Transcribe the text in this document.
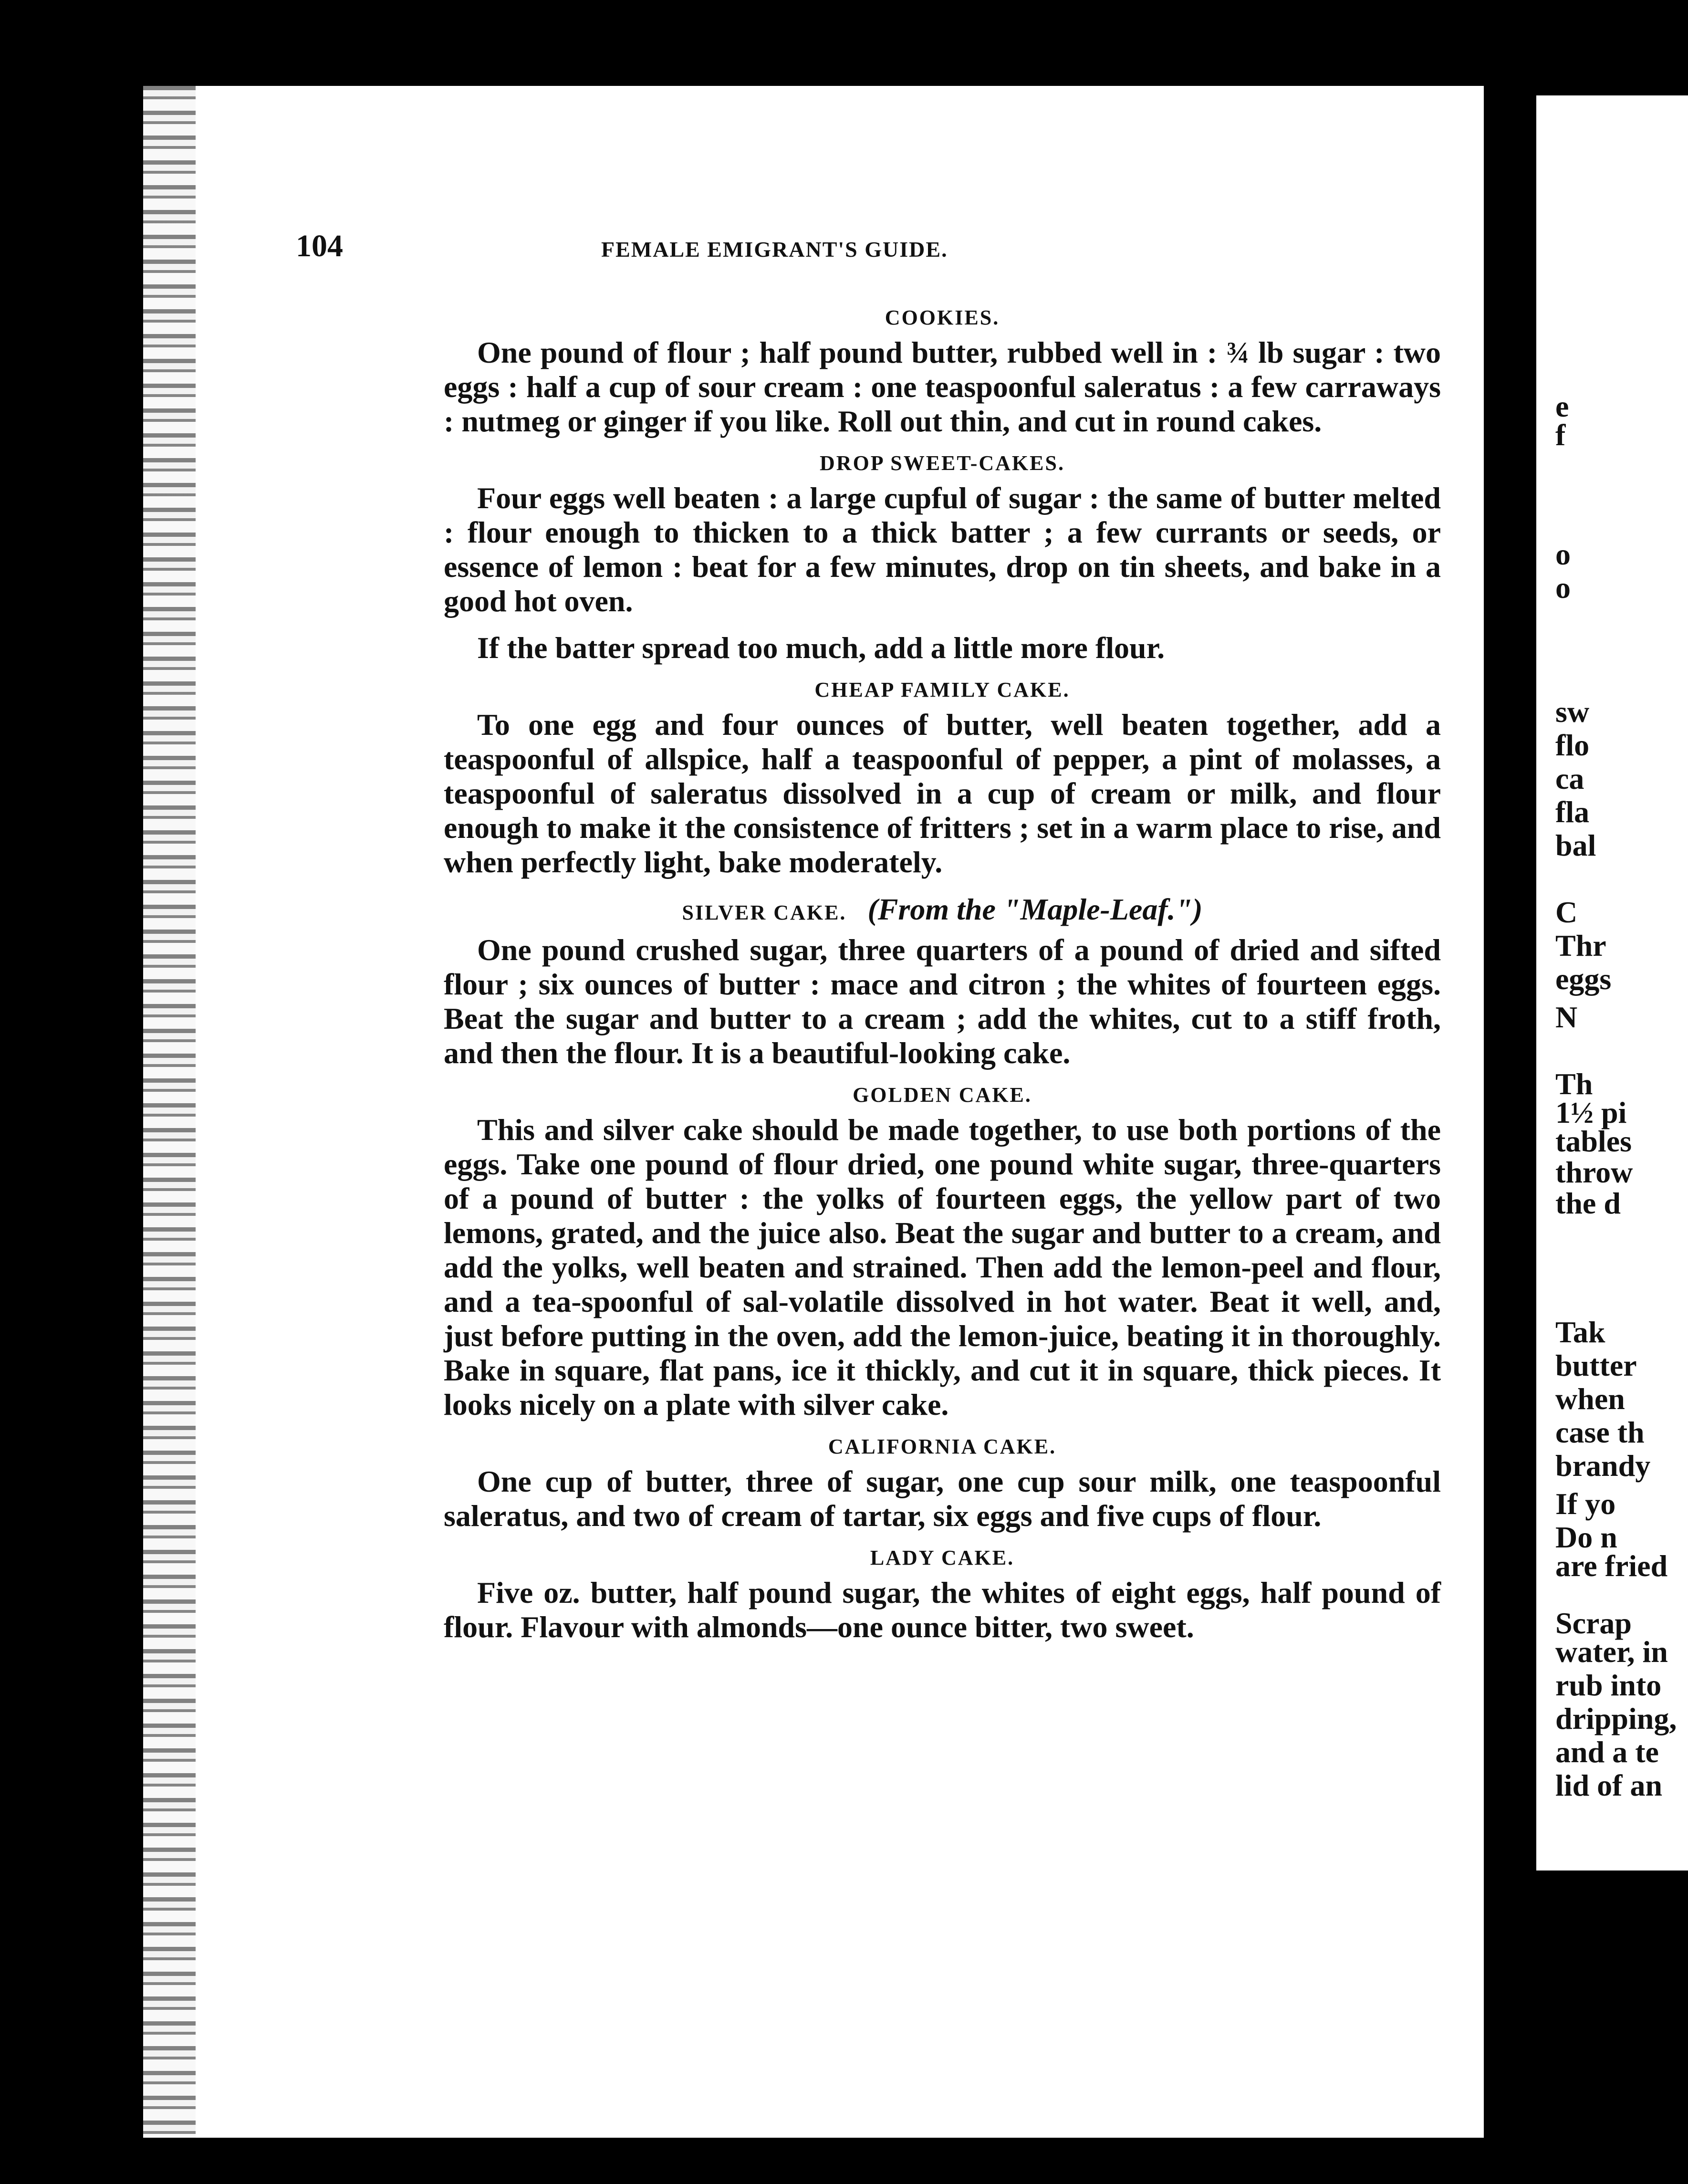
e
f
o
o
sw
flo
ca
fla
bal
C
Thr
eggs
N
Th
1½ pi
tables
throw
the d
Tak
butter
when
case th
brandy
If yo
Do n
are fried
Scrap
water, in
rub into
dripping,
and a te
lid of an
104	FEMALE EMIGRANT'S GUIDE.
COOKIES.

One pound of flour ; half pound butter, rubbed well in : ¾ lb sugar : two eggs : half a cup of sour cream : one teaspoonful saleratus : a few carraways : nutmeg or ginger if you like. Roll out thin, and cut in round cakes.

DROP SWEET-CAKES.

Four eggs well beaten : a large cupful of sugar : the same of butter melted : flour enough to thicken to a thick batter ; a few currants or seeds, or essence of lemon : beat for a few minutes, drop on tin sheets, and bake in a good hot oven.

If the batter spread too much, add a little more flour.

CHEAP FAMILY CAKE.

To one egg and four ounces of butter, well beaten together, add a teaspoonful of allspice, half a teaspoonful of pepper, a pint of molasses, a teaspoonful of saleratus dissolved in a cup of cream or milk, and flour enough to make it the consistence of fritters ; set in a warm place to rise, and when perfectly light, bake moderately.

SILVER CAKE. (From the "Maple-Leaf.")

One pound crushed sugar, three quarters of a pound of dried and sifted flour ; six ounces of butter : mace and citron ; the whites of fourteen eggs. Beat the sugar and butter to a cream ; add the whites, cut to a stiff froth, and then the flour. It is a beautiful-looking cake.

GOLDEN CAKE.

This and silver cake should be made together, to use both portions of the eggs. Take one pound of flour dried, one pound white sugar, three-quarters of a pound of butter : the yolks of fourteen eggs, the yellow part of two lemons, grated, and the juice also. Beat the sugar and butter to a cream, and add the yolks, well beaten and strained. Then add the lemon-peel and flour, and a tea-spoonful of sal-volatile dissolved in hot water. Beat it well, and, just before putting in the oven, add the lemon-juice, beating it in thoroughly. Bake in square, flat pans, ice it thickly, and cut it in square, thick pieces. It looks nicely on a plate with silver cake.

CALIFORNIA CAKE.

One cup of butter, three of sugar, one cup sour milk, one teaspoonful saleratus, and two of cream of tartar, six eggs and five cups of flour.

LADY CAKE.

Five oz. butter, half pound sugar, the whites of eight eggs, half pound of flour. Flavour with almonds—one ounce bitter, two sweet.
